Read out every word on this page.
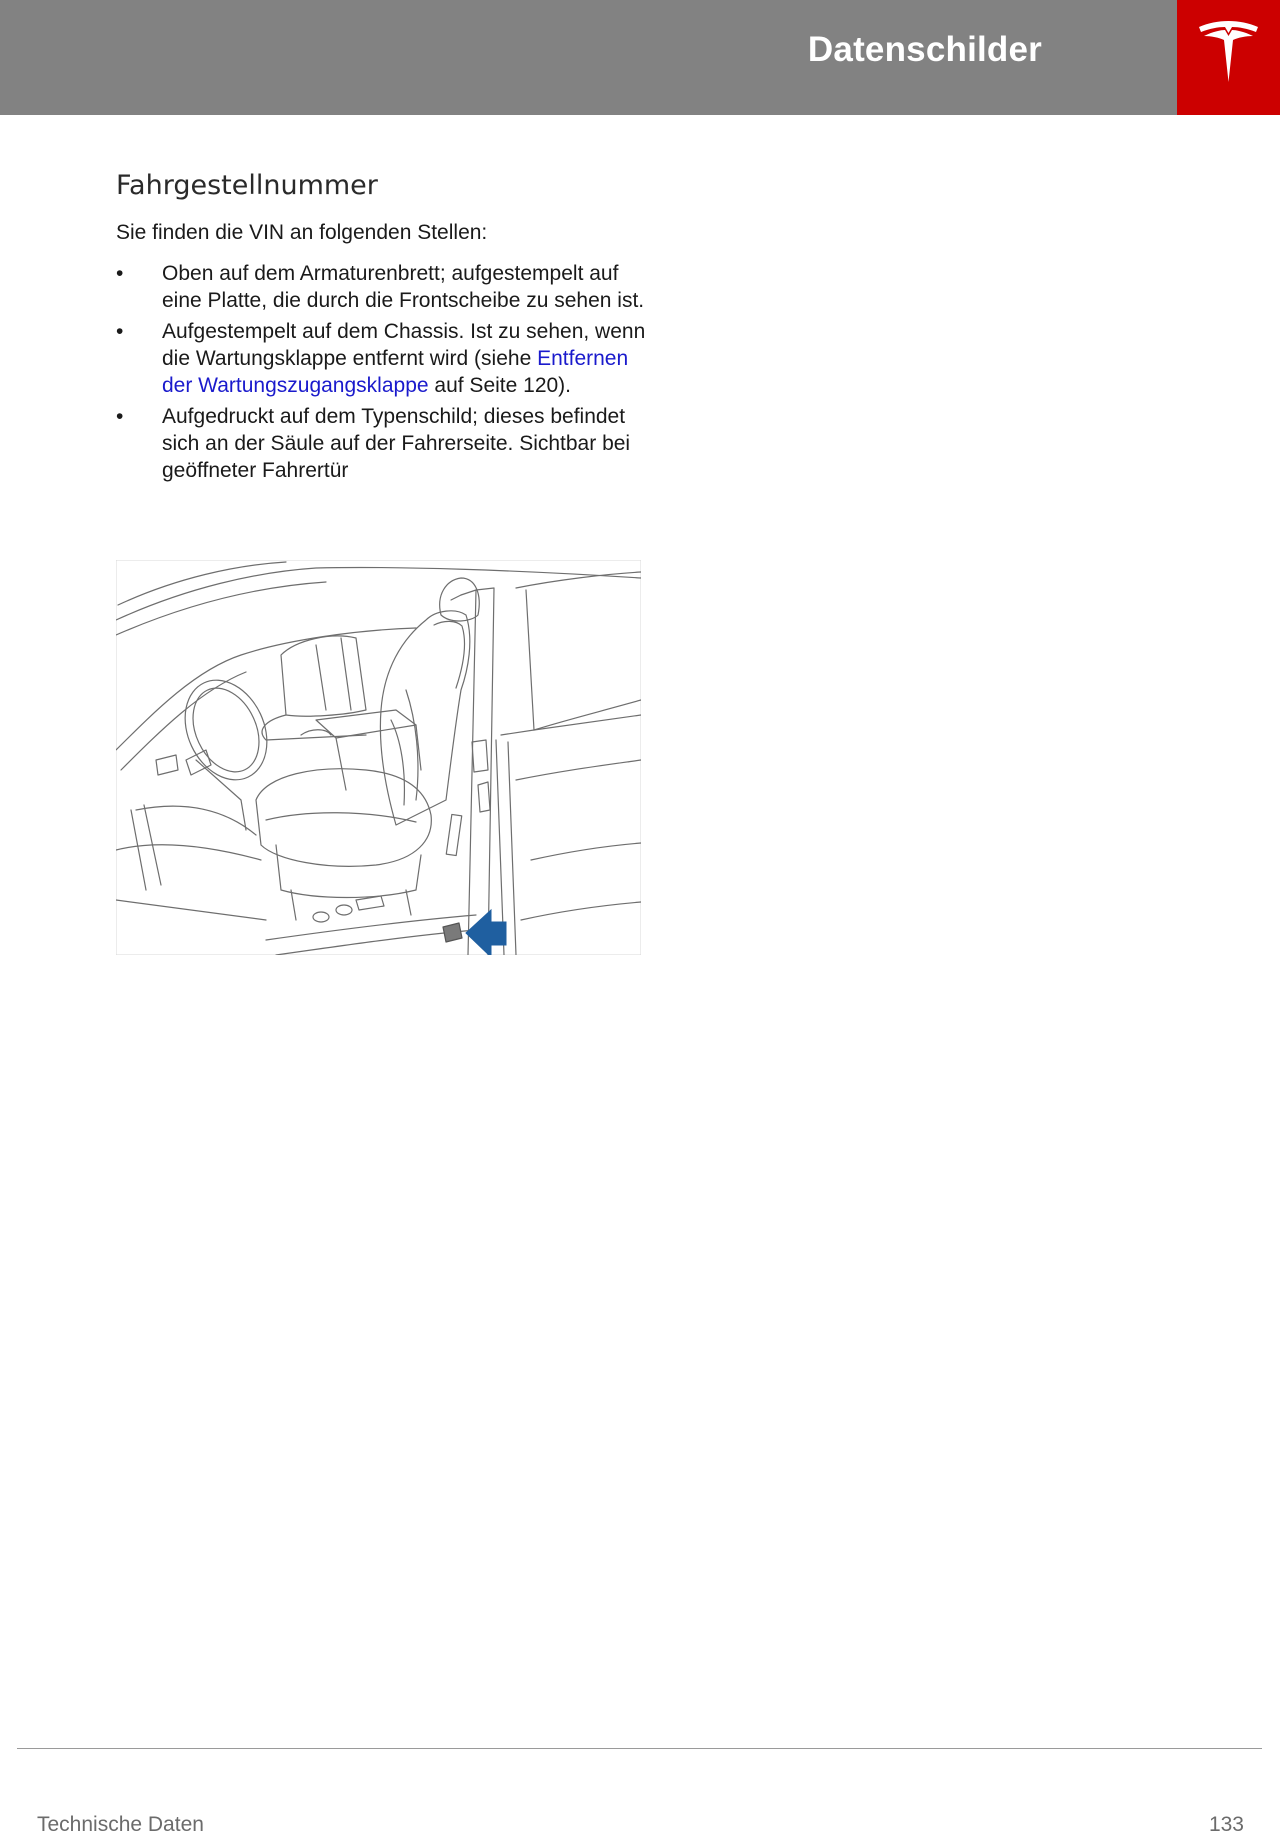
Datenschilder
Fahrgestellnummer

Sie finden die VIN an folgenden Stellen:

• Oben auf dem Armaturenbrett; aufgestempelt auf eine Platte, die durch die Frontscheibe zu sehen ist.
• Aufgestempelt auf dem Chassis. Ist zu sehen, wenn die Wartungsklappe entfernt wird (siehe Entfernen der Wartungszugangsklappe auf Seite 120).
• Aufgedruckt auf dem Typenschild; dieses befindet sich an der Säule auf der Fahrerseite. Sichtbar bei geöffneter Fahrertür
Technische Daten	133
